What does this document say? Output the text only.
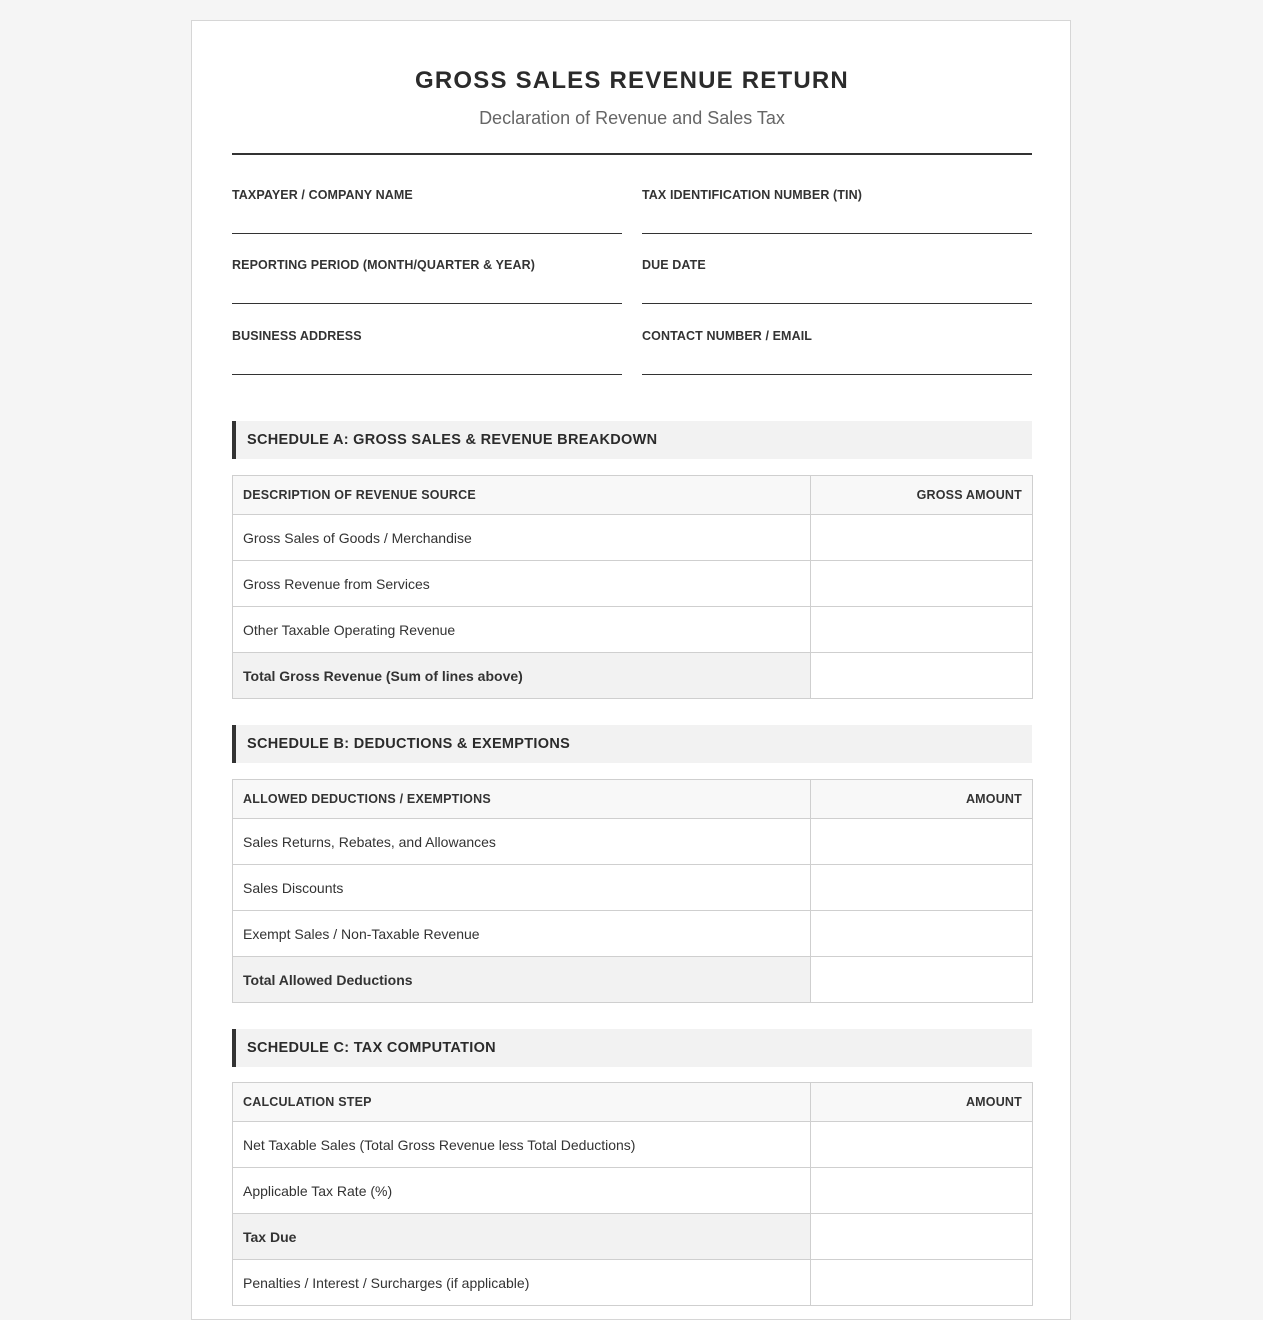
GROSS SALES REVENUE RETURN
Declaration of Revenue and Sales Tax
TAXPAYER / COMPANY NAME	TAX IDENTIFICATION NUMBER (TIN)
REPORTING PERIOD (MONTH/QUARTER & YEAR)	DUE DATE
BUSINESS ADDRESS	CONTACT NUMBER / EMAIL
SCHEDULE A: GROSS SALES & REVENUE BREAKDOWN
DESCRIPTION OF REVENUE SOURCE	GROSS AMOUNT
Gross Sales of Goods / Merchandise	
Gross Revenue from Services	
Other Taxable Operating Revenue	
Total Gross Revenue (Sum of lines above)	
SCHEDULE B: DEDUCTIONS & EXEMPTIONS
ALLOWED DEDUCTIONS / EXEMPTIONS	AMOUNT
Sales Returns, Rebates, and Allowances	
Sales Discounts	
Exempt Sales / Non-Taxable Revenue	
Total Allowed Deductions	
SCHEDULE C: TAX COMPUTATION
CALCULATION STEP	AMOUNT
Net Taxable Sales (Total Gross Revenue less Total Deductions)	
Applicable Tax Rate (%)	
Tax Due	
Penalties / Interest / Surcharges (if applicable)	
